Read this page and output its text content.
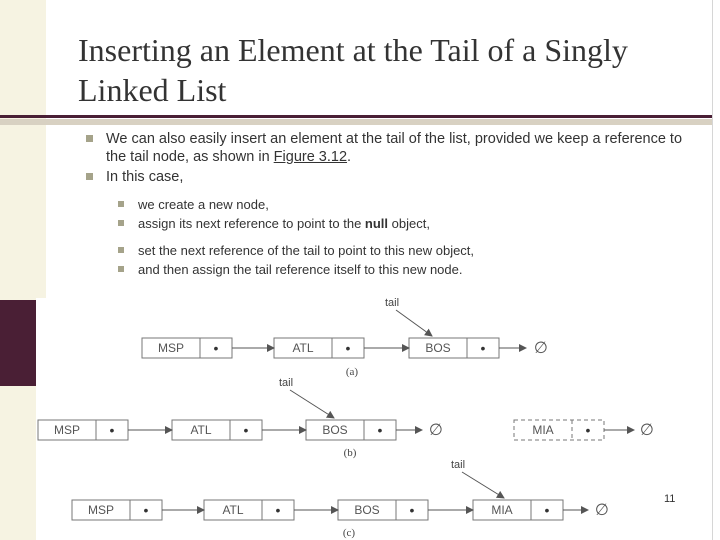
Inserting an Element at the Tail of a Singly Linked List
We can also easily insert an element at the tail of the list, provided we keep a reference to the tail node, as shown in Figure 3.12.
In this case,
we create a new node,
assign its next reference to point to the null object,
set the next reference of the tail to point to this new object,
and then assign the tail reference itself to this new node.
MSP •	ATL •	BOS •	∅
tail
(a)
MSP •	ATL •	BOS •	∅	MIA •	∅
tail
(b)
MSP •	ATL •	BOS •	MIA •	∅
tail
(c)
11
